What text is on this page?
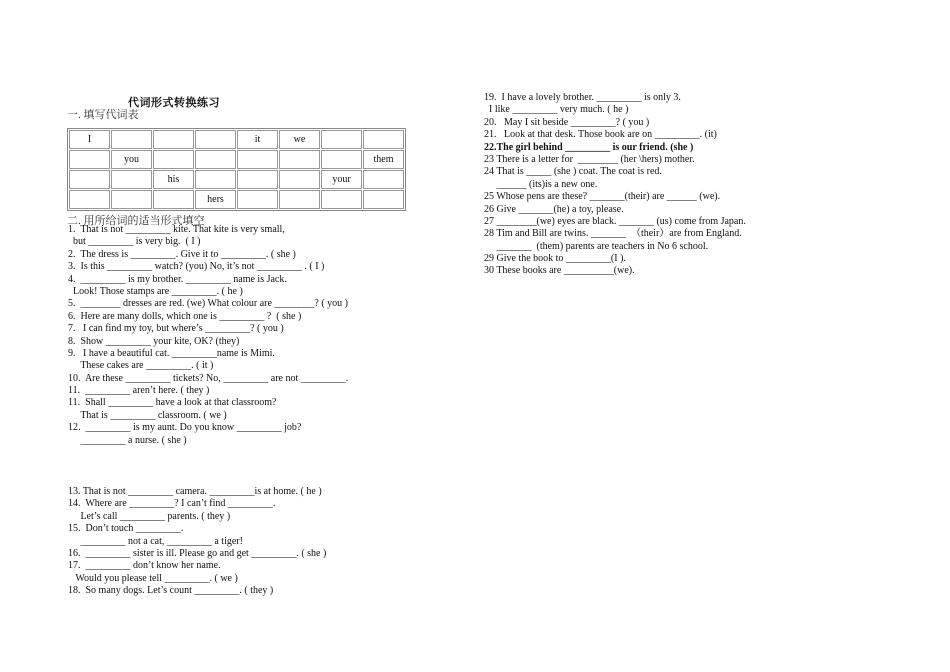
代词形式转换练习
一. 填写代词表
I				it	we		
	you						them
		his				your	
			hers				
二. 用所给词的适当形式填空
1.  That is not _________ kite. That kite is very small,
but _________ is very big.  ( I )
2.  The dress is _________. Give it to _________. ( she )
3.  Is this _________ watch? (you) No, it’s not _________ . ( I )
4.  _________ is my brother. _________ name is Jack.
Look! Those stamps are _________. ( he )
5.  ________ dresses are red. (we) What colour are ________? ( you )
6.  Here are many dolls, which one is _________ ?  ( she )
7.   I can find my toy, but where’s _________? ( you )
8.  Show _________ your kite, OK? (they)
9.   I have a beautiful cat. _________name is Mimi.
These cakes are _________. ( it )
10.  Are these _________ tickets? No, _________ are not _________.
11.  _________ aren’t here. ( they )
11.  Shall _________ have a look at that classroom?
That is _________ classroom. ( we )
12.  _________ is my aunt. Do you know _________ job?
_________ a nurse. ( she )
13. That is not _________ camera. _________is at home. ( he )
14.  Where are _________? I can’t find _________.
Let’s call _________ parents. ( they )
15.  Don’t touch _________.
_________ not a cat, _________ a tiger!
16.  _________ sister is ill. Please go and get _________. ( she )
17.  _________ don’t know her name.
Would you please tell _________. ( we )
18.  So many dogs. Let’s count _________. ( they )
19.  I have a lovely brother. _________ is only 3.
I like _________ very much. ( he )
20.   May I sit beside _________? ( you )
21.   Look at that desk. Those book are on _________. (it)
22.The girl behind _________ is our friend. (she )
23 There is a letter for  ________ (her \hers) mother.
24 That is _____ (she ) coat. The coat is red.
______ (its)is a new one.
25 Whose pens are these? _______(their) are ______ (we).
26 Give _______(he) a toy, please.
27 ________(we) eyes are black. _______ (us) come from Japan.
28 Tim and Bill are twins. _______  （their）are from England.
_______  (them) parents are teachers in No 6 school.
29 Give the book to _________(I ).
30 These books are __________(we).
